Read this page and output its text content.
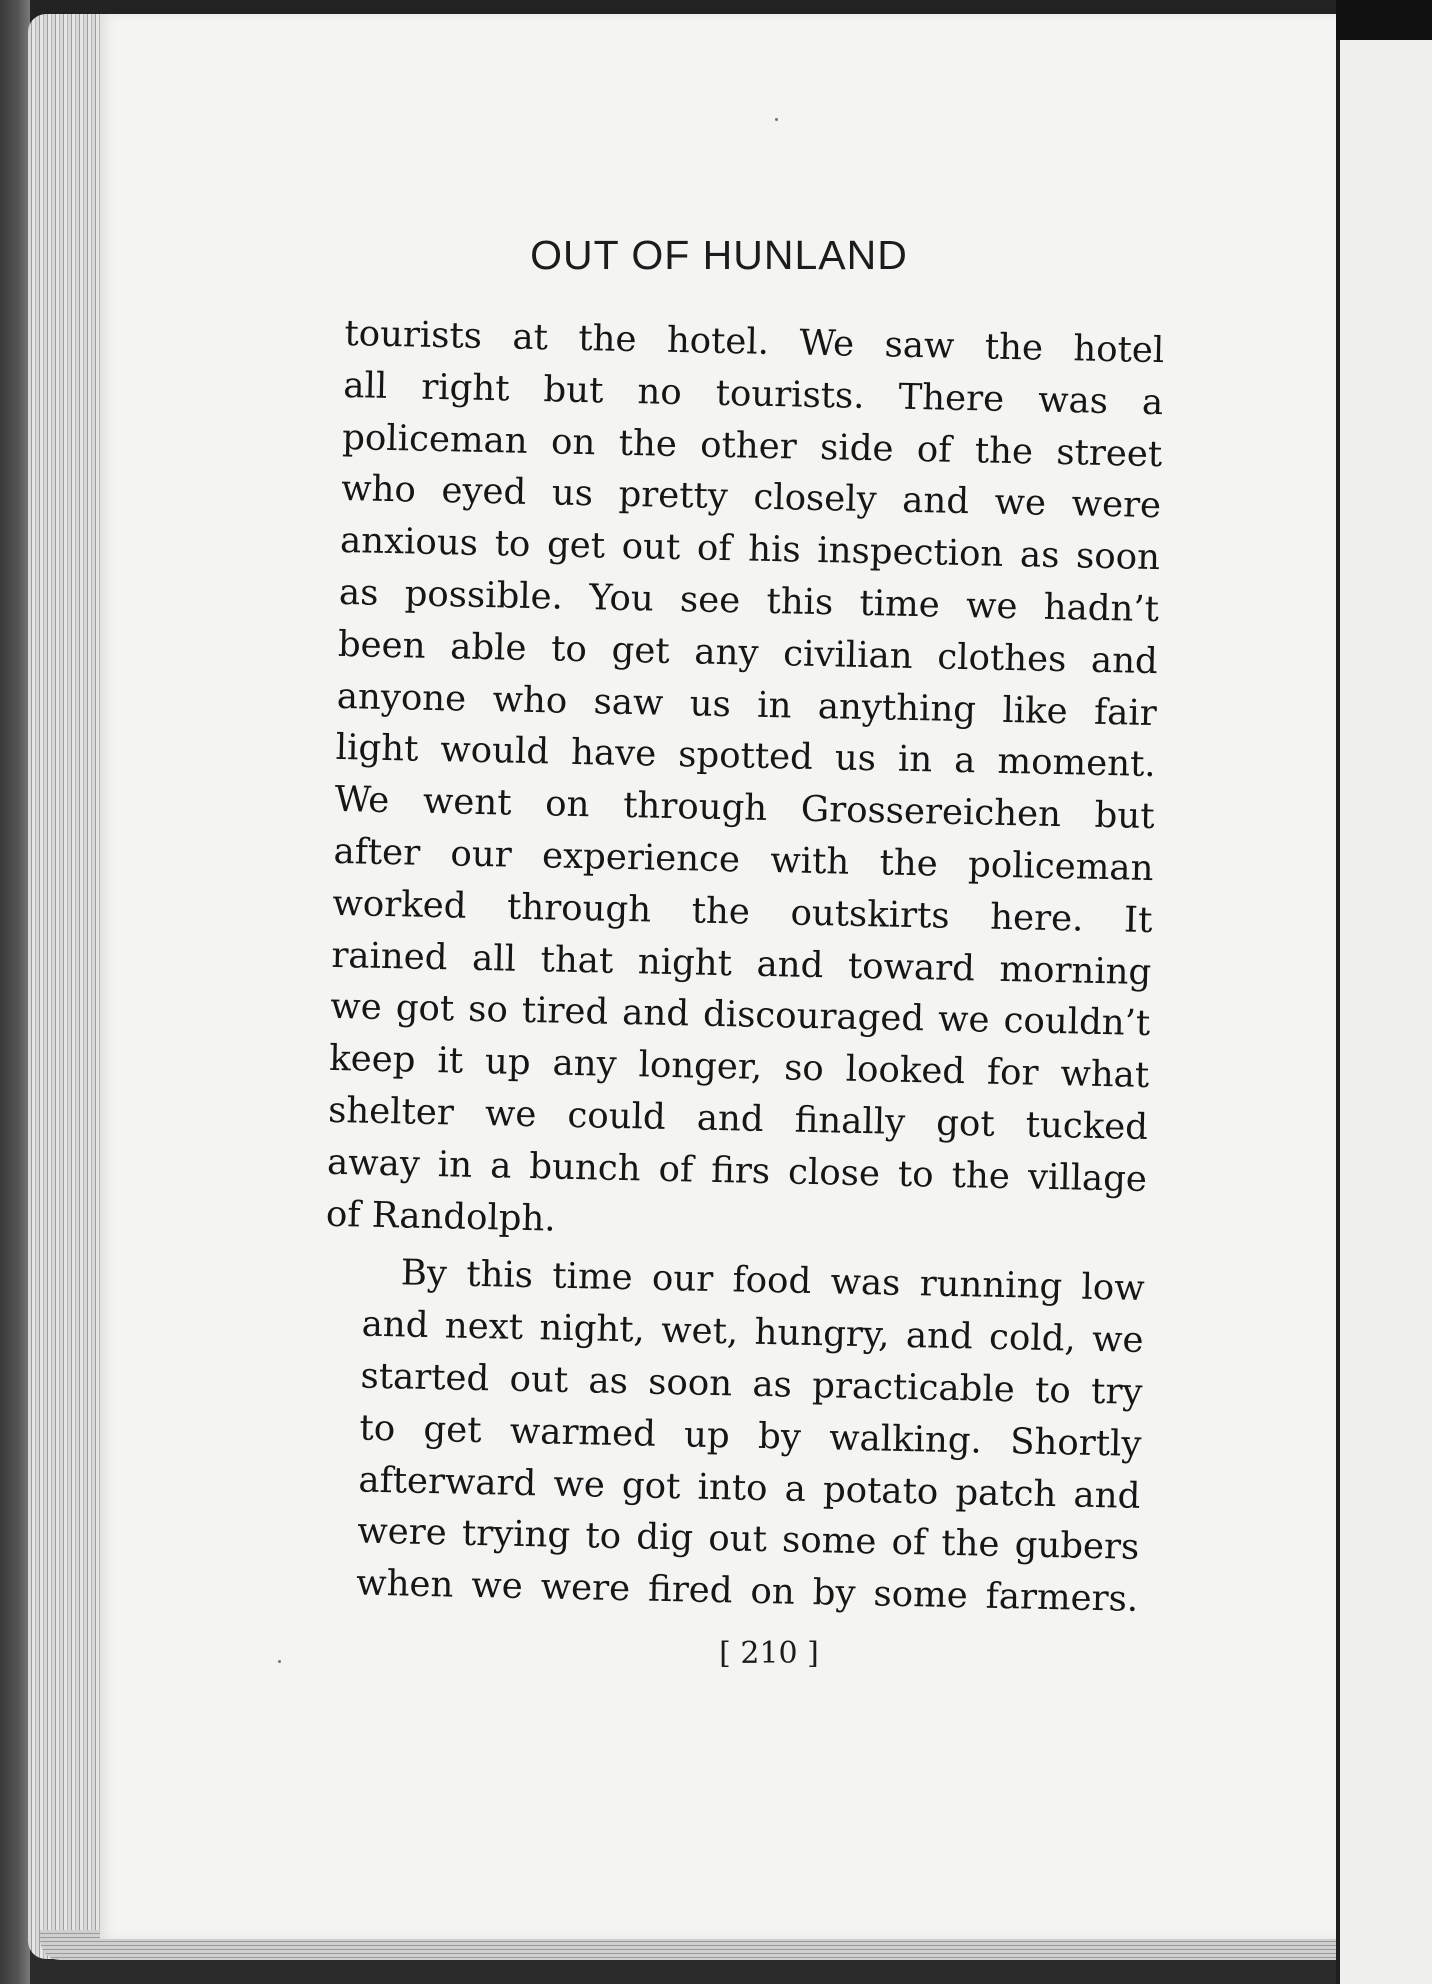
OUT OF HUNLAND
tourists at the hotel. We saw the hotel
all right but no tourists. There was a
policeman on the other side of the street
who eyed us pretty closely and we were
anxious to get out of his inspection as soon
as possible. You see this time we hadn’t
been able to get any civilian clothes and
anyone who saw us in anything like fair
light would have spotted us in a moment.
We went on through Grossereichen but
after our experience with the policeman
worked through the outskirts here. It
rained all that night and toward morning
we got so tired and discouraged we couldn’t
keep it up any longer, so looked for what
shelter we could and finally got tucked
away in a bunch of firs close to the village
of Randolph.
By this time our food was running low
and next night, wet, hungry, and cold, we
started out as soon as practicable to try
to get warmed up by walking. Shortly
afterward we got into a potato patch and
were trying to dig out some of the gubers
when we were fired on by some farmers.
[ 210 ]
